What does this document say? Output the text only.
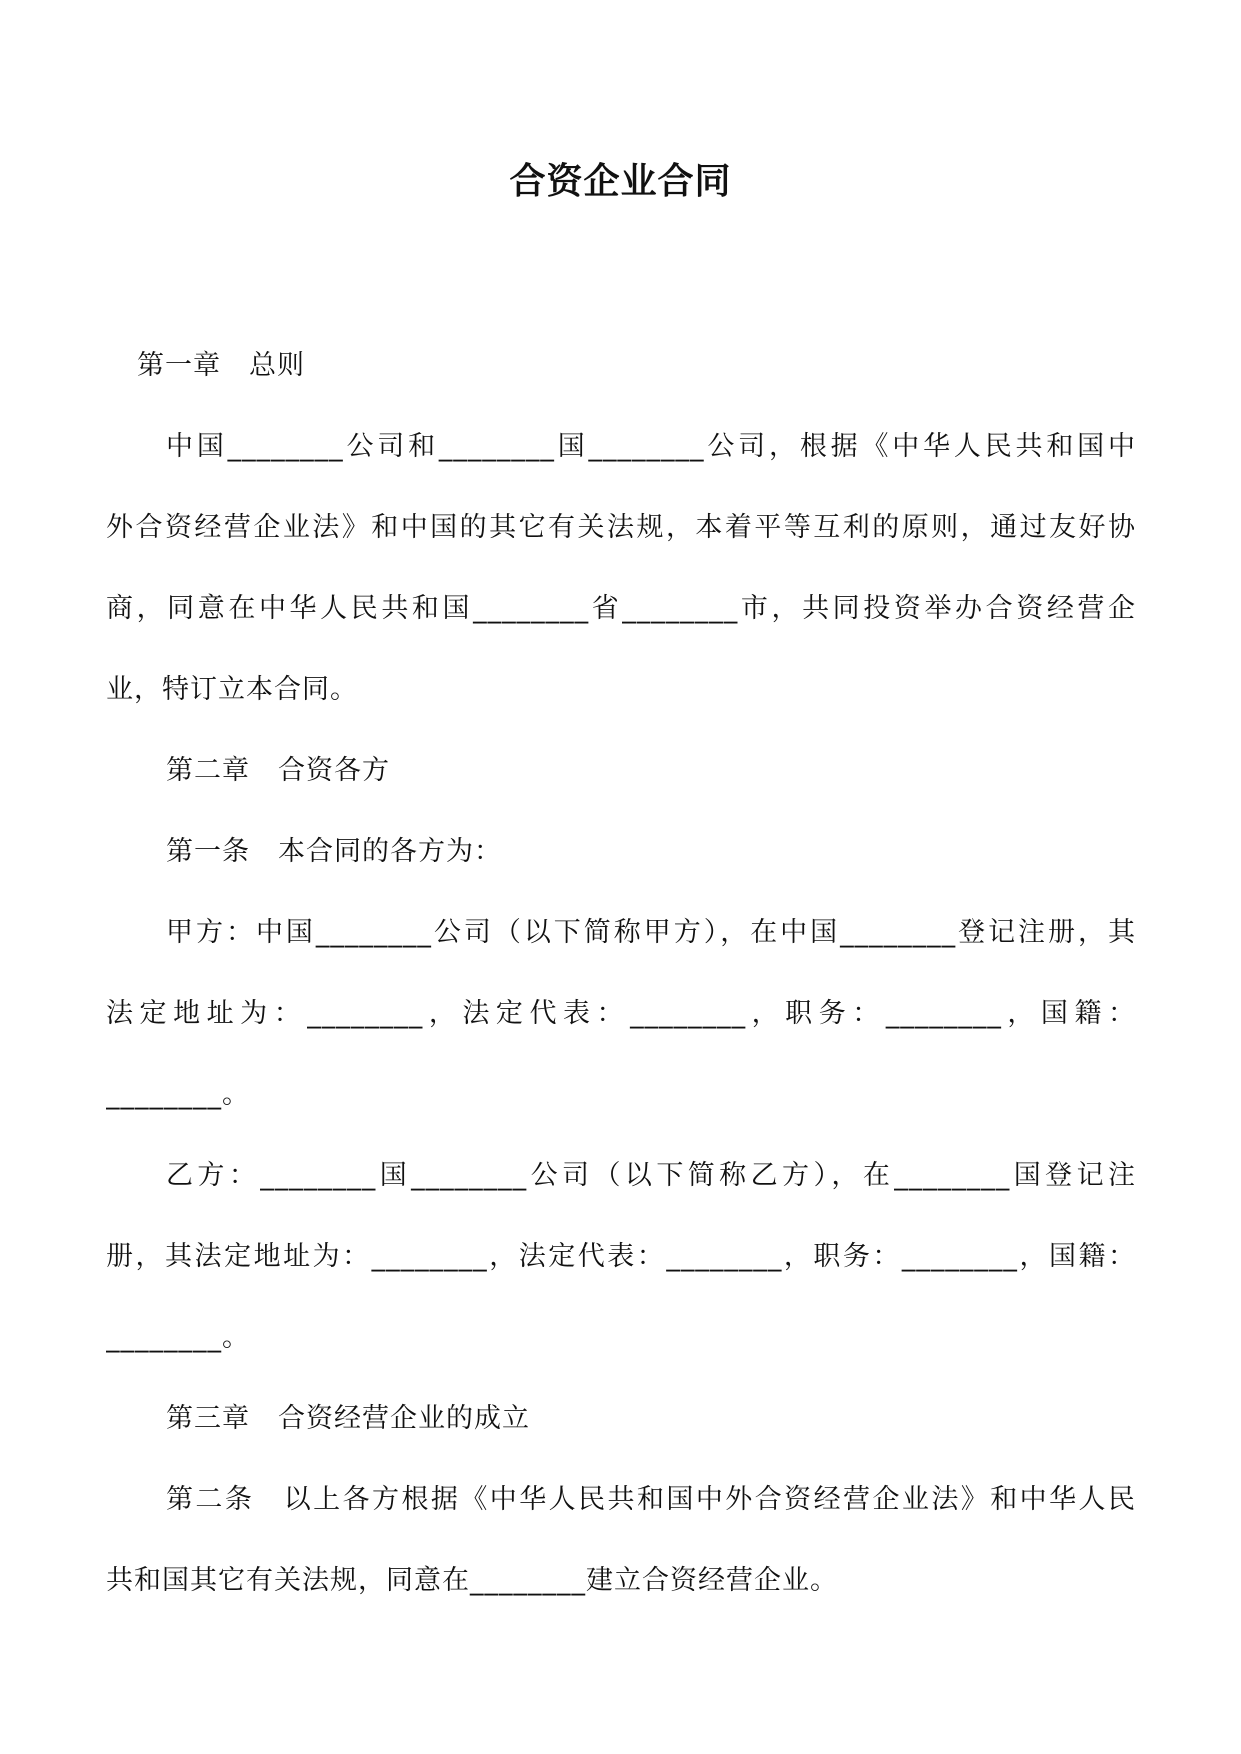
合资企业合同
第一章　总则
中国________公司和________国________公司，根据《中华人民共和国中
外合资经营企业法》和中国的其它有关法规，本着平等互利的原则，通过友好协
商，同意在中华人民共和国________省________市，共同投资举办合资经营企
业，特订立本合同。
第二章　合资各方
第一条　本合同的各方为：
甲方：中国________公司（以下简称甲方），在中国________登记注册，其
法定地址为：________，法定代表：________，职务：________，国籍：
________。
乙方：________国________公司（以下简称乙方），在________国登记注
册，其法定地址为：________，法定代表：________，职务：________，国籍：
________。
第三章　合资经营企业的成立
第二条　以上各方根据《中华人民共和国中外合资经营企业法》和中华人民
共和国其它有关法规，同意在________建立合资经营企业。
